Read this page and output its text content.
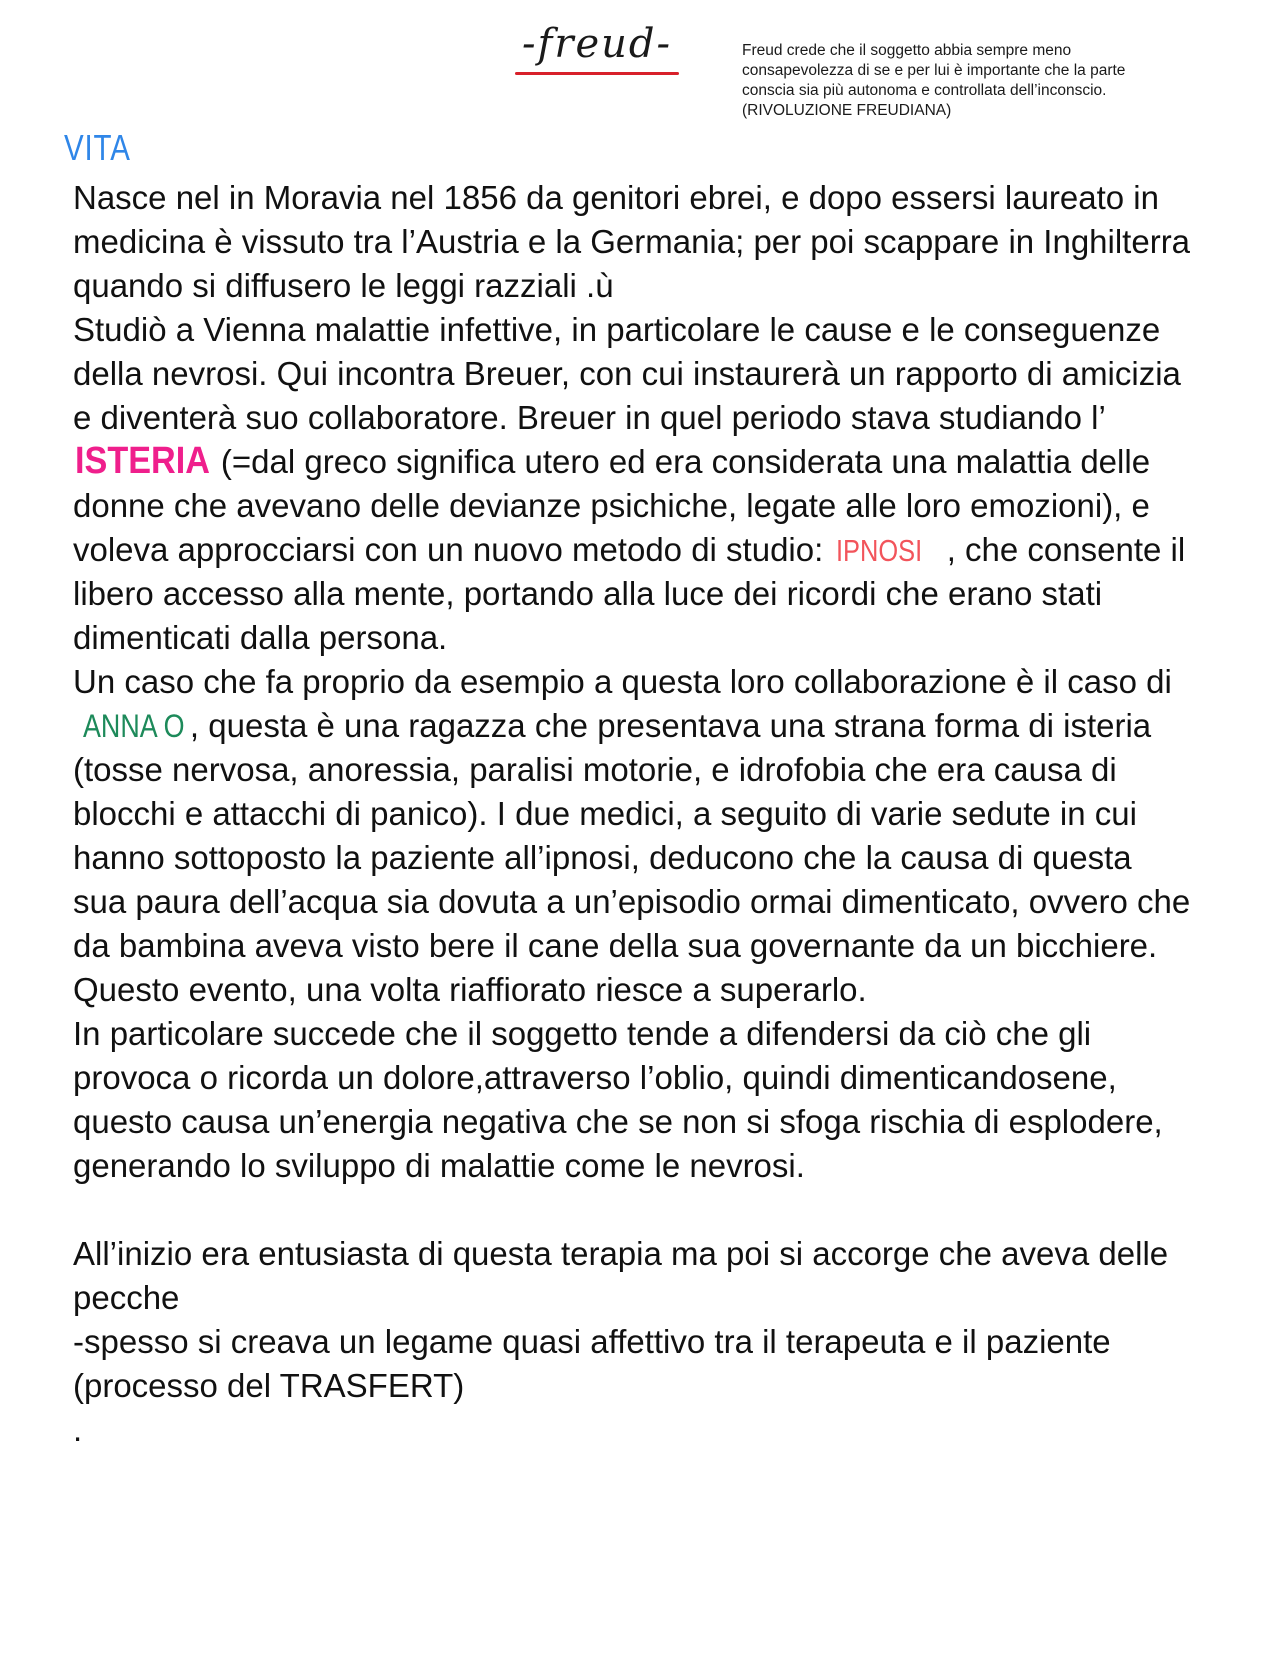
-freud-	Freud crede che il soggetto abbia sempre meno consapevolezza di se e per lui è importante che la parte conscia sia più autonoma e controllata dell’inconscio. (RIVOLUZIONE FREUDIANA)
VITA

Nasce nel in Moravia nel 1856 da genitori ebrei, e dopo essersi laureato in medicina è vissuto tra l’Austria e la Germania; per poi scappare in Inghilterra quando si diffusero le leggi razziali .ù

Studiò a Vienna malattie infettive, in particolare le cause e le conseguenze della nevrosi. Qui incontra Breuer, con cui instaurerà un rapporto di amicizia e diventerà suo collaboratore. Breuer in quel periodo stava studiando l’ ISTERIA (=dal greco significa utero ed era considerata una malattia delle donne che avevano delle devianze psichiche, legate alle loro emozioni), e voleva approcciarsi con un nuovo metodo di studio: IPNOSI , che consente il libero accesso alla mente, portando alla luce dei ricordi che erano stati dimenticati dalla persona.

Un caso che fa proprio da esempio a questa loro collaborazione è il caso di ANNA O , questa è una ragazza che presentava una strana forma di isteria (tosse nervosa, anoressia, paralisi motorie, e idrofobia che era causa di blocchi e attacchi di panico). I due medici, a seguito di varie sedute in cui hanno sottoposto la paziente all’ipnosi, deducono che la causa di questa sua paura dell’acqua sia dovuta a un’episodio ormai dimenticato, ovvero che da bambina aveva visto bere il cane della sua governante da un bicchiere. Questo evento, una volta riaffiorato riesce a superarlo.

In particolare succede che il soggetto tende a difendersi da ciò che gli provoca o ricorda un dolore,attraverso l’oblio, quindi dimenticandosene, questo causa un’energia negativa che se non si sfoga rischia di esplodere, generando lo sviluppo di malattie come le nevrosi.

All’inizio era entusiasta di questa terapia ma poi si accorge che aveva delle pecche

-spesso si creava un legame quasi affettivo tra il terapeuta e il paziente (processo del TRASFERT)

.
